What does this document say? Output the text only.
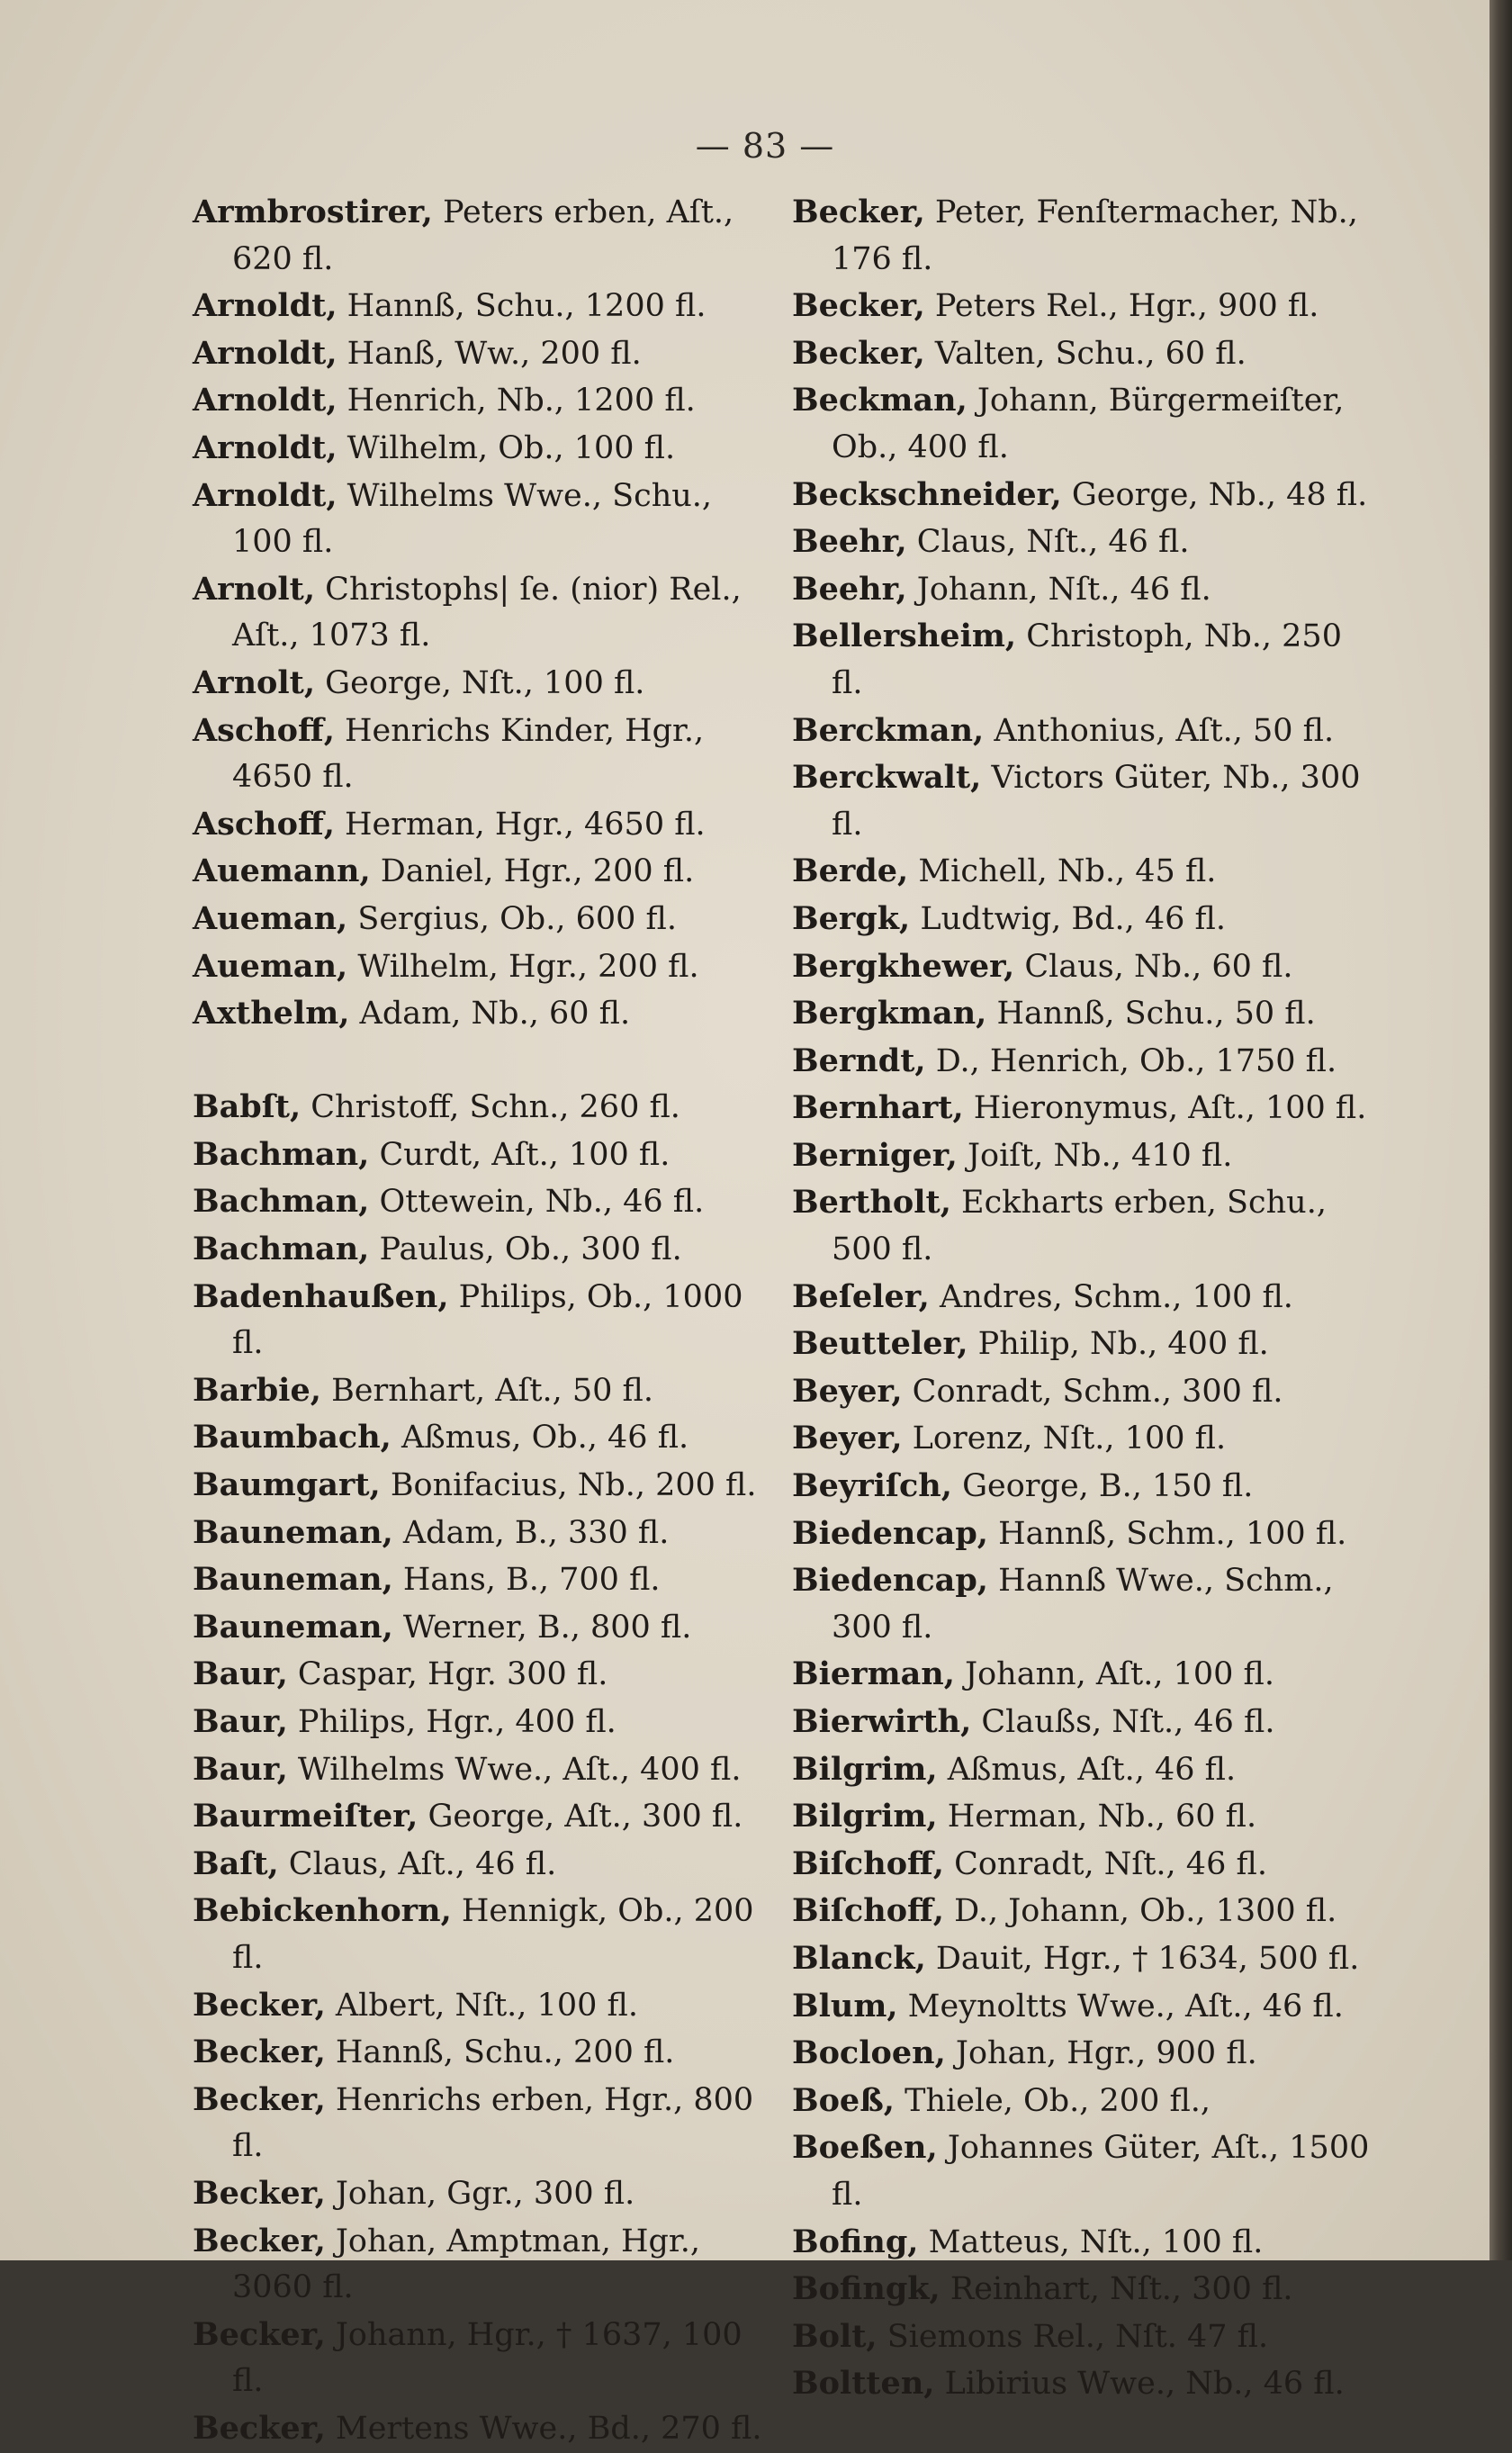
— 83 —
Armbrostirer, Peters erben, Aſt., 620 fl.
Arnoldt, Hannß, Schu., 1200 fl.
Arnoldt, Hanß, Ww., 200 fl.
Arnoldt, Henrich, Nb., 1200 fl.
Arnoldt, Wilhelm, Ob., 100 fl.
Arnoldt, Wilhelms Wwe., Schu., 100 fl.
Arnolt, Christophs| ſe. (nior) Rel., Aſt., 1073 fl.
Arnolt, George, Nſt., 100 fl.
Aschoff, Henrichs Kinder, Hgr., 4650 fl.
Aschoff, Herman, Hgr., 4650 fl.
Auemann, Daniel, Hgr., 200 fl.
Aueman, Sergius, Ob., 600 fl.
Aueman, Wilhelm, Hgr., 200 fl.
Axthelm, Adam, Nb., 60 fl.
Babſt, Christoff, Schn., 260 fl.
Bachman, Curdt, Aſt., 100 fl.
Bachman, Ottewein, Nb., 46 fl.
Bachman, Paulus, Ob., 300 fl.
Badenhaußen, Philips, Ob., 1000 fl.
Barbie, Bernhart, Aſt., 50 fl.
Baumbach, Aßmus, Ob., 46 fl.
Baumgart, Bonifacius, Nb., 200 fl.
Bauneman, Adam, B., 330 fl.
Bauneman, Hans, B., 700 fl.
Bauneman, Werner, B., 800 fl.
Baur, Caspar, Hgr. 300 fl.
Baur, Philips, Hgr., 400 fl.
Baur, Wilhelms Wwe., Aſt., 400 fl.
Baurmeiſter, George, Aſt., 300 fl.
Baſt, Claus, Aſt., 46 fl.
Bebickenhorn, Hennigk, Ob., 200 fl.
Becker, Albert, Nſt., 100 fl.
Becker, Hannß, Schu., 200 fl.
Becker, Henrichs erben, Hgr., 800 fl.
Becker, Johan, Ggr., 300 fl.
Becker, Johan, Amptman, Hgr., 3060 fl.
Becker, Johann, Hgr., † 1637, 100 fl.
Becker, Mertens Wwe., Bd., 270 fl.
Becker, Peter, Fenſtermacher, Nb., 176 fl.
Becker, Peters Rel., Hgr., 900 fl.
Becker, Valten, Schu., 60 fl.
Beckman, Johann, Bürgermeiſter, Ob., 400 fl.
Beckschneider, George, Nb., 48 fl.
Beehr, Claus, Nſt., 46 fl.
Beehr, Johann, Nſt., 46 fl.
Bellersheim, Christoph, Nb., 250 fl.
Berckman, Anthonius, Aſt., 50 fl.
Berckwalt, Victors Güter, Nb., 300 fl.
Berde, Michell, Nb., 45 fl.
Bergk, Ludtwig, Bd., 46 fl.
Bergkhewer, Claus, Nb., 60 fl.
Bergkman, Hannß, Schu., 50 fl.
Berndt, D., Henrich, Ob., 1750 fl.
Bernhart, Hieronymus, Aſt., 100 fl.
Berniger, Joiſt, Nb., 410 fl.
Bertholt, Eckharts erben, Schu., 500 fl.
Beſeler, Andres, Schm., 100 fl.
Beutteler, Philip, Nb., 400 fl.
Beyer, Conradt, Schm., 300 fl.
Beyer, Lorenz, Nſt., 100 fl.
Beyriſch, George, B., 150 fl.
Biedencap, Hannß, Schm., 100 fl.
Biedencap, Hannß Wwe., Schm., 300 fl.
Bierman, Johann, Aſt., 100 fl.
Bierwirth, Claußs, Nſt., 46 fl.
Bilgrim, Aßmus, Aſt., 46 fl.
Bilgrim, Herman, Nb., 60 fl.
Biſchoff, Conradt, Nſt., 46 fl.
Biſchoff, D., Johann, Ob., 1300 fl.
Blanck, Dauit, Hgr., † 1634, 500 fl.
Blum, Meynoltts Wwe., Aſt., 46 fl.
Bocloen, Johan, Hgr., 900 fl.
Boeß, Thiele, Ob., 200 fl.,
Boeßen, Johannes Güter, Aſt., 1500 fl.
Bofing, Matteus, Nſt., 100 fl.
Bofingk, Reinhart, Nſt., 300 fl.
Bolt, Siemons Rel., Nſt. 47 fl.
Boltten, Libirius Wwe., Nb., 46 fl.
